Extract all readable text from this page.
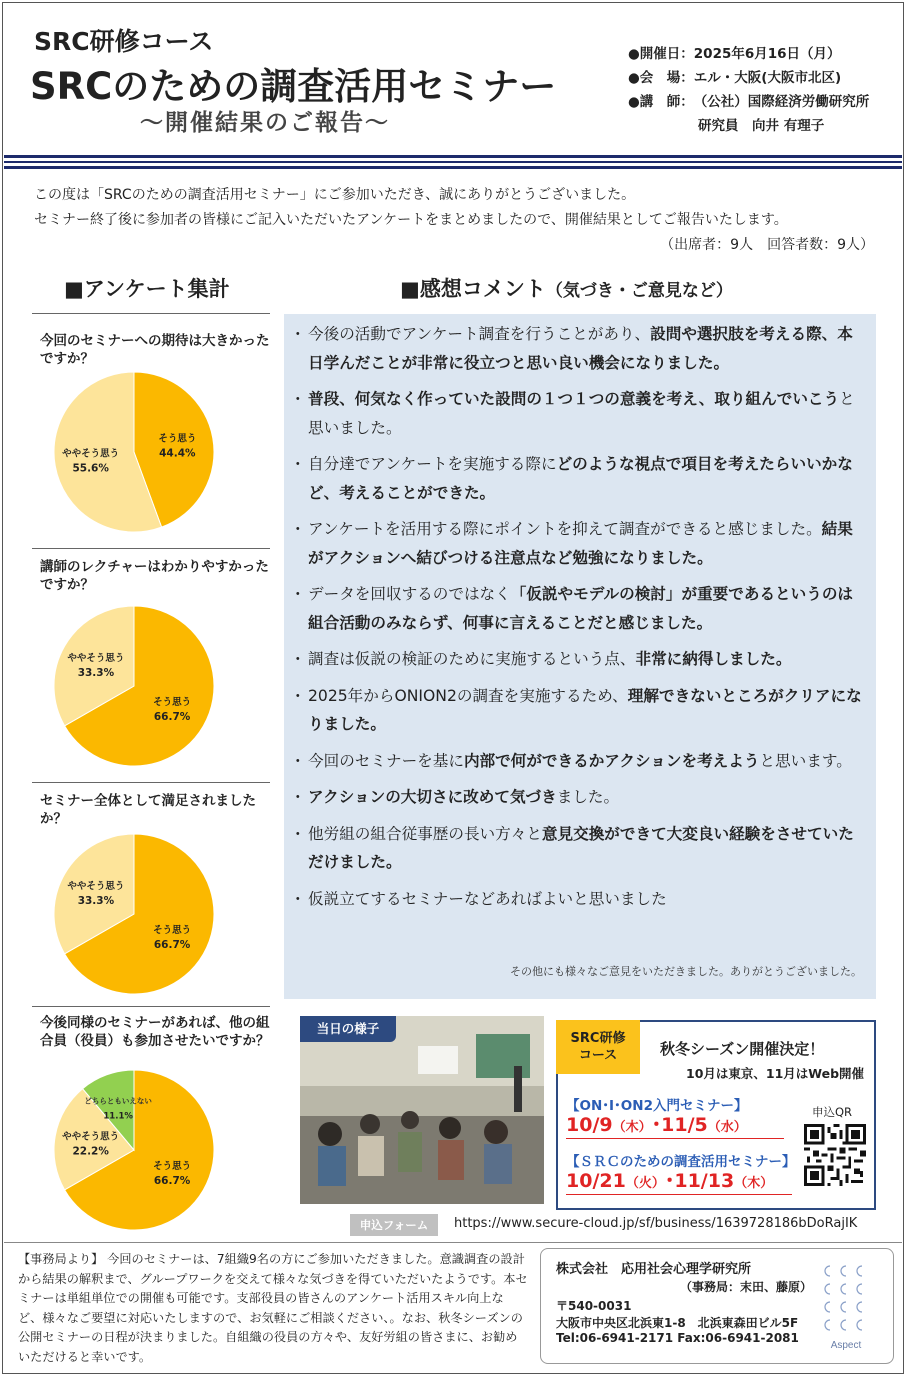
SRC研修コース
SRCのための調査活用セミナー
～開催結果のご報告～
●開催日： 2025年6月16日（月）
●会　場： エル・大阪(大阪市北区)
●講　師： （公社）国際経済労働研究所
研究員　向井 有理子
この度は「SRCのための調査活用セミナー」にご参加いただき、誠にありがとうございました。
セミナー終了後に参加者の皆様にご記入いただいたアンケートをまとめましたので、開催結果としてご報告いたします。
（出席者：9人　回答者数：9人）
■アンケート集計	■感想コメント（気づき・ご意見など）
今回のセミナーへの期待は大きかったですか？
そう思う
44.4%
ややそう思う
55.6%
講師のレクチャーはわかりやすかったですか？
そう思う
66.7%
ややそう思う
33.3%
セミナー全体として満足されましたか？
そう思う
66.7%
ややそう思う
33.3%
今後同様のセミナーがあれば、他の組合員（役員）も参加させたいですか？
そう思う
66.7%
ややそう思う
22.2%
どちらともいえない
11.1%
・ 今後の活動でアンケート調査を行うことがあり、設問や選択肢を考える際、本日学んだことが非常に役立つと思い良い機会になりました。
・ 普段、何気なく作っていた設問の１つ１つの意義を考え、取り組んでいこうと思いました。
・ 自分達でアンケートを実施する際にどのような視点で項目を考えたらいいかなど、考えることができた。
・ アンケートを活用する際にポイントを抑えて調査ができると感じました。結果がアクションへ結びつける注意点など勉強になりました。
・ データを回収するのではなく「仮説やモデルの検討」が重要であるというのは組合活動のみならず、何事に言えることだと感じました。
・ 調査は仮説の検証のために実施するという点、非常に納得しました。
・ 2025年からONION2の調査を実施するため、理解できないところがクリアになりました。
・ 今回のセミナーを基に内部で何ができるかアクションを考えようと思います。
・ アクションの大切さに改めて気づきました。
・ 他労組の組合従事歴の長い方々と意見交換ができて大変良い経験をさせていただけました。
・ 仮説立てするセミナーなどあればよいと思いました
その他にも様々なご意見をいただきました。ありがとうございました。
当日の様子
SRC研修
コース	秋冬シーズン開催決定！
10月は東京、11月はWeb開催
【ON･I･ON2入門セミナー】
10/9（木）･11/5（水）
【ＳＲＣのための調査活用セミナー】
10/21（火）･11/13（木）
申込QR
申込フォーム	https://www.secure-cloud.jp/sf/business/1639728186bDoRajIK
【事務局より】 今回のセミナーは、7組織9名の方にご参加いただきました。意識調査の設計から結果の解釈まで、グループワークを交えて様々な気づきを得ていただいたようです。本セミナーは単組単位での開催も可能です。支部役員の皆さんのアンケート活用スキル向上など、様々なご要望に対応いたしますので、お気軽にご相談ください、。なお、秋冬シーズンの公開セミナーの日程が決まりました。自組織の役員の方々や、友好労組の皆さまに、お勧めいただけると幸いです。
株式会社　応用社会心理学研究所
（事務局：末田、藤原）
〒540-0031
大阪市中央区北浜東1-8　北浜東森田ビル5F
Tel:06-6941-2171 Fax:06-6941-2081
Aspect
